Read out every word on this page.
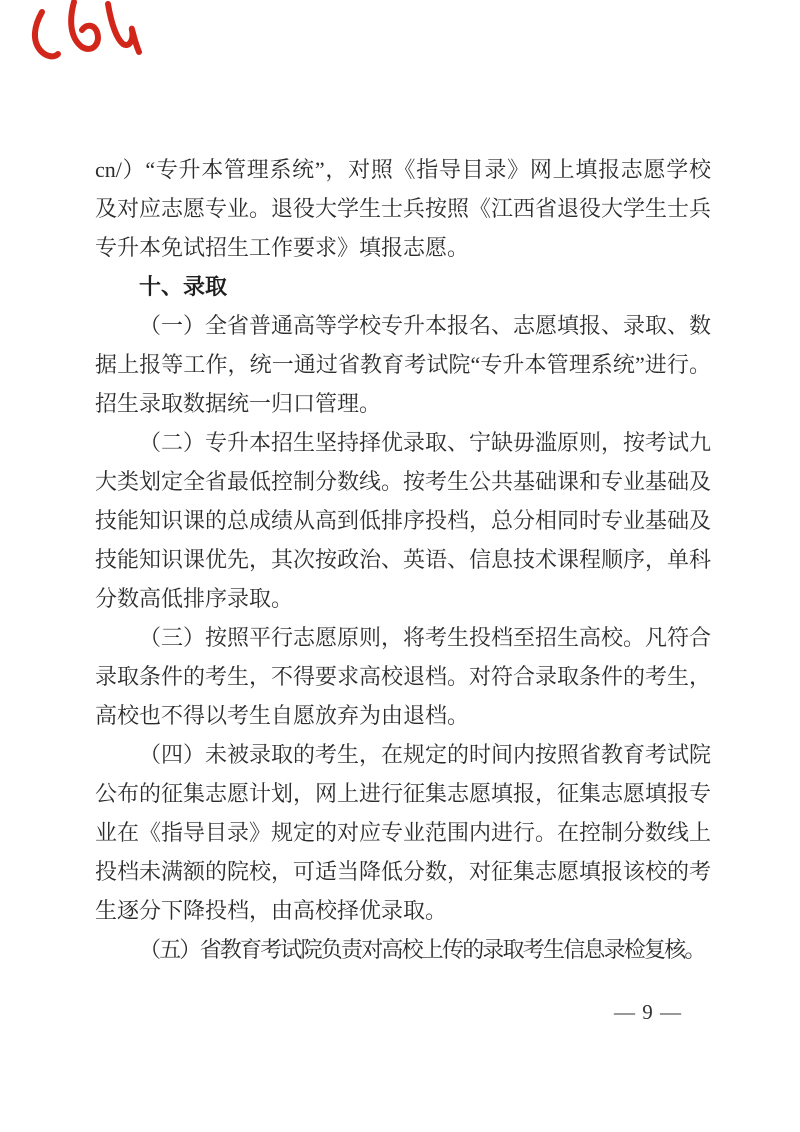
cn/）“专升本管理系统”，对照《指导目录》网上填报志愿学校及对应志愿专业。退役大学生士兵按照《江西省退役大学生士兵专升本免试招生工作要求》填报志愿。

十、录取

（一）全省普通高等学校专升本报名、志愿填报、录取、数据上报等工作，统一通过省教育考试院“专升本管理系统”进行。招生录取数据统一归口管理。

（二）专升本招生坚持择优录取、宁缺毋滥原则，按考试九大类划定全省最低控制分数线。按考生公共基础课和专业基础及技能知识课的总成绩从高到低排序投档，总分相同时专业基础及技能知识课优先，其次按政治、英语、信息技术课程顺序，单科分数高低排序录取。

（三）按照平行志愿原则，将考生投档至招生高校。凡符合录取条件的考生，不得要求高校退档。对符合录取条件的考生，高校也不得以考生自愿放弃为由退档。

（四）未被录取的考生，在规定的时间内按照省教育考试院公布的征集志愿计划，网上进行征集志愿填报，征集志愿填报专业在《指导目录》规定的对应专业范围内进行。在控制分数线上投档未满额的院校，可适当降低分数，对征集志愿填报该校的考生逐分下降投档，由高校择优录取。

（五）省教育考试院负责对高校上传的录取考生信息录检复核。

— 9 —
